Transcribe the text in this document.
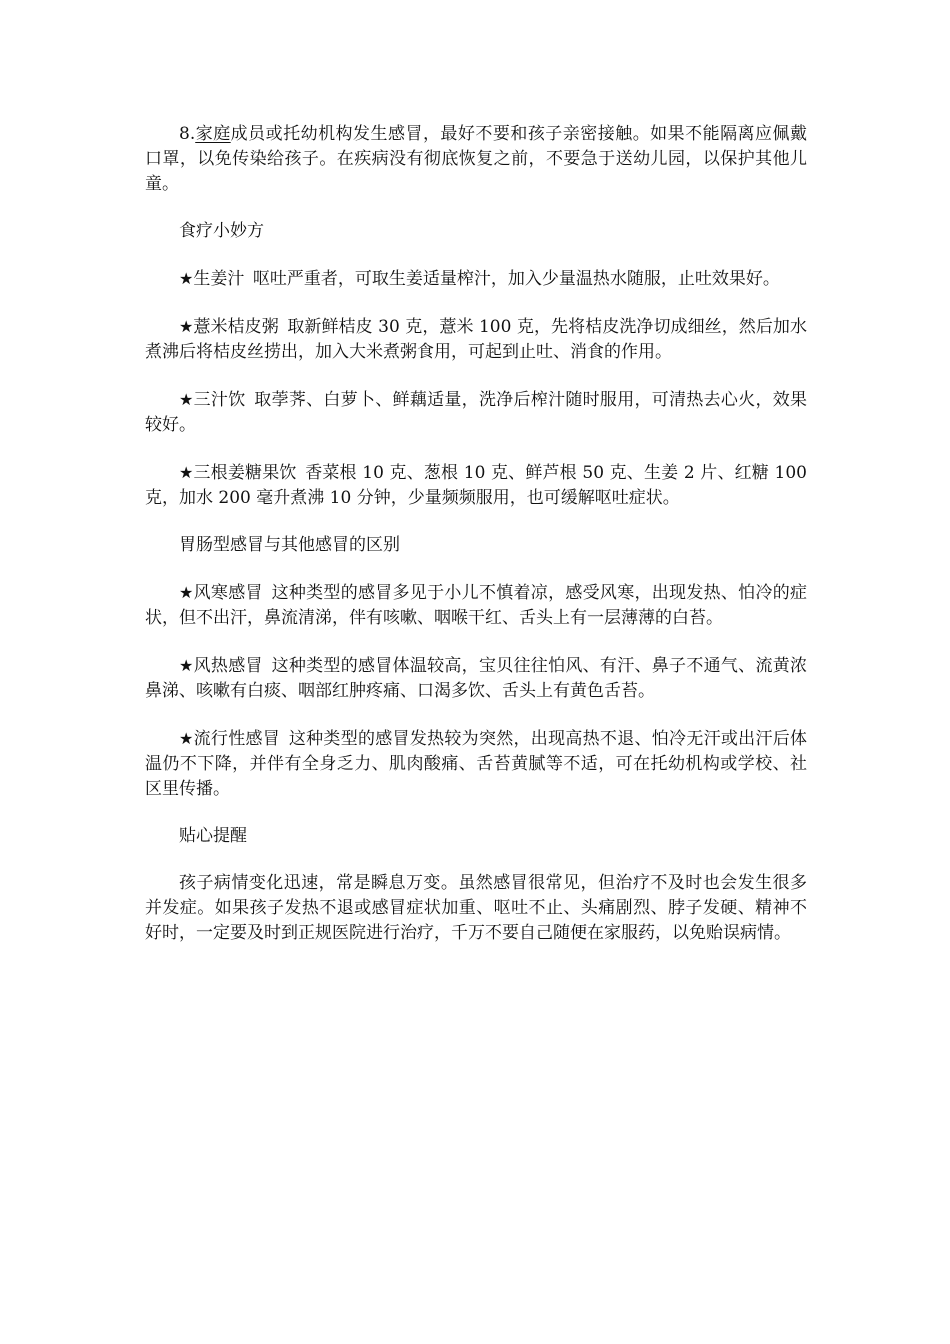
8.家庭成员或托幼机构发生感冒，最好不要和孩子亲密接触。如果不能隔离应佩戴口罩，以免传染给孩子。在疾病没有彻底恢复之前，不要急于送幼儿园，以保护其他儿童。

食疗小妙方

★生姜汁  呕吐严重者，可取生姜适量榨汁，加入少量温热水随服，止吐效果好。

★薏米桔皮粥  取新鲜桔皮 30 克，薏米 100 克，先将桔皮洗净切成细丝，然后加水煮沸后将桔皮丝捞出，加入大米煮粥食用，可起到止吐、消食的作用。

★三汁饮  取荸荠、白萝卜、鲜藕适量，洗净后榨汁随时服用，可清热去心火，效果较好。

★三根姜糖果饮  香菜根 10 克、葱根 10 克、鲜芦根 50 克、生姜 2 片、红糖 100 克，加水 200 毫升煮沸 10 分钟，少量频频服用，也可缓解呕吐症状。

胃肠型感冒与其他感冒的区别

★风寒感冒  这种类型的感冒多见于小儿不慎着凉，感受风寒，出现发热、怕冷的症状，但不出汗，鼻流清涕，伴有咳嗽、咽喉干红、舌头上有一层薄薄的白苔。

★风热感冒  这种类型的感冒体温较高，宝贝往往怕风、有汗、鼻子不通气、流黄浓鼻涕、咳嗽有白痰、咽部红肿疼痛、口渴多饮、舌头上有黄色舌苔。

★流行性感冒  这种类型的感冒发热较为突然，出现高热不退、怕冷无汗或出汗后体温仍不下降，并伴有全身乏力、肌肉酸痛、舌苔黄腻等不适，可在托幼机构或学校、社区里传播。

贴心提醒

孩子病情变化迅速，常是瞬息万变。虽然感冒很常见，但治疗不及时也会发生很多并发症。如果孩子发热不退或感冒症状加重、呕吐不止、头痛剧烈、脖子发硬、精神不好时，一定要及时到正规医院进行治疗，千万不要自己随便在家服药，以免贻误病情。
